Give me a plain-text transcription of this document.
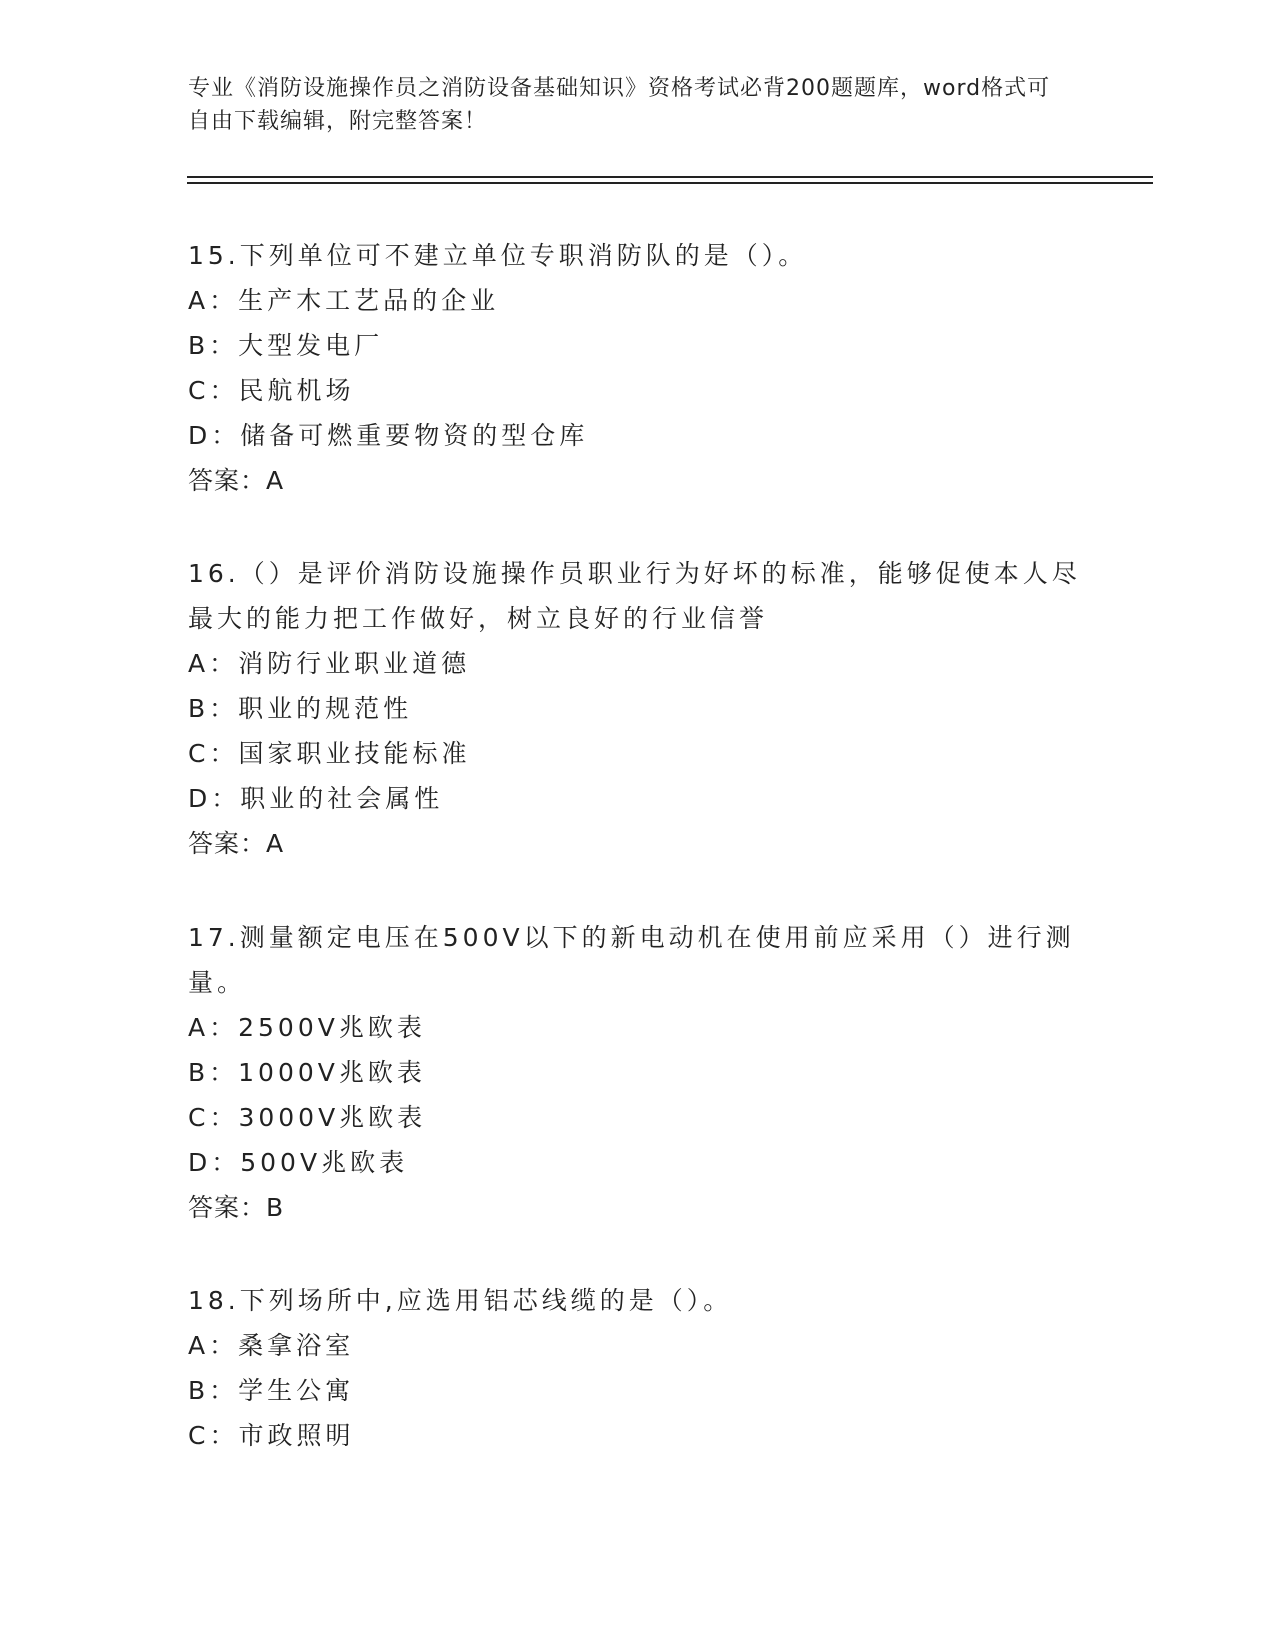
专业《消防设施操作员之消防设备基础知识》资格考试必背200题题库，word格式可自由下载编辑，附完整答案！

15.下列单位可不建立单位专职消防队的是（）。

A：生产木工艺品的企业

B：大型发电厂

C：民航机场

D：储备可燃重要物资的型仓库

答案：A

16.（）是评价消防设施操作员职业行为好坏的标准，能够促使本人尽最大的能力把工作做好，树立良好的行业信誉

A：消防行业职业道德

B：职业的规范性

C：国家职业技能标准

D：职业的社会属性

答案：A

17.测量额定电压在500V以下的新电动机在使用前应采用（）进行测量。

A：2500V兆欧表

B：1000V兆欧表

C：3000V兆欧表

D：500V兆欧表

答案：B

18.下列场所中,应选用铝芯线缆的是（）。

A：桑拿浴室

B：学生公寓

C：市政照明
